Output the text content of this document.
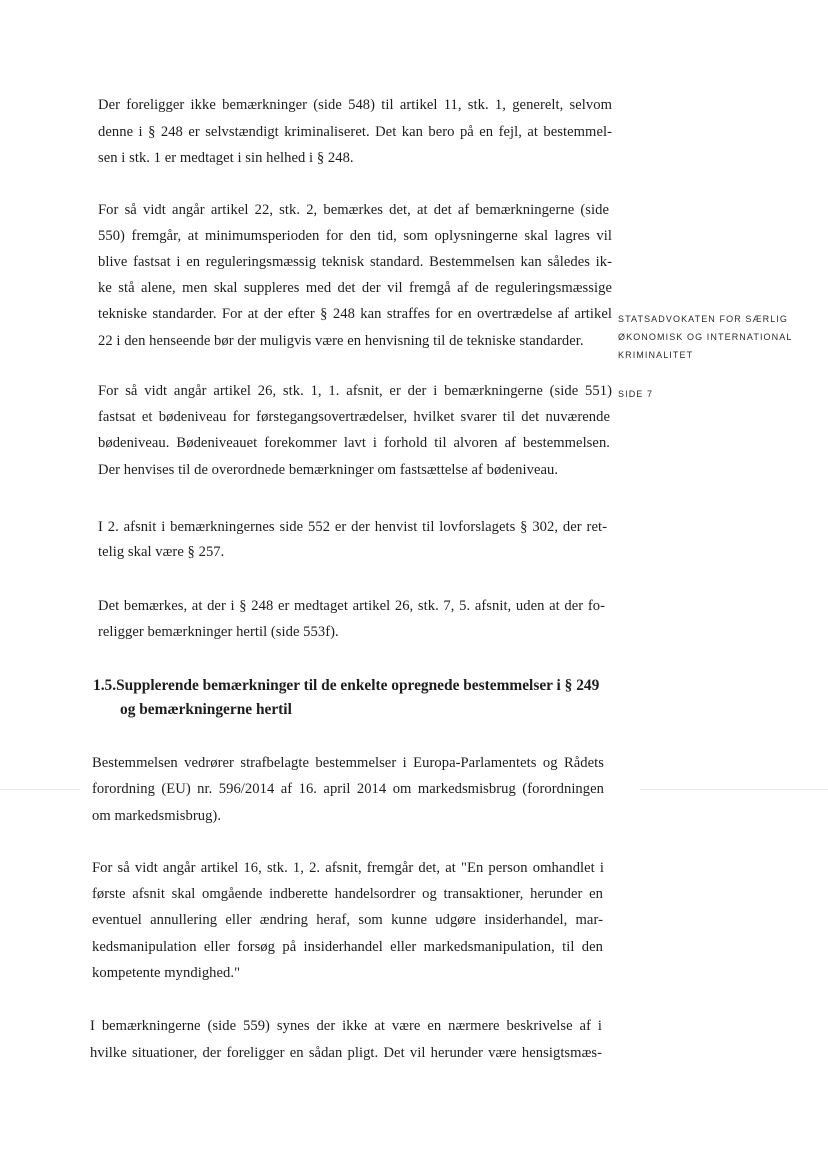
Der foreligger ikke bemærkninger (side 548) til artikel 11, stk. 1, generelt, selvom
denne i § 248 er selvstændigt kriminaliseret. Det kan bero på en fejl, at bestemmel-
sen i stk. 1 er medtaget i sin helhed i § 248.
For så vidt angår artikel 22, stk. 2, bemærkes det, at det af bemærkningerne (side
550) fremgår, at minimumsperioden for den tid, som oplysningerne skal lagres vil
blive fastsat i en reguleringsmæssig teknisk standard. Bestemmelsen kan således ik-
ke stå alene, men skal suppleres med det der vil fremgå af de reguleringsmæssige
tekniske standarder. For at der efter § 248 kan straffes for en overtrædelse af artikel
22 i den henseende bør der muligvis være en henvisning til de tekniske standarder.
For så vidt angår artikel 26, stk. 1, 1. afsnit, er der i bemærkningerne (side 551)
fastsat et bødeniveau for førstegangsovertrædelser, hvilket svarer til det nuværende
bødeniveau. Bødeniveauet forekommer lavt i forhold til alvoren af bestemmelsen.
Der henvises til de overordnede bemærkninger om fastsættelse af bødeniveau.
I 2. afsnit i bemærkningernes side 552 er der henvist til lovforslagets § 302, der ret-
telig skal være § 257.
Det bemærkes, at der i § 248 er medtaget artikel 26, stk. 7, 5. afsnit, uden at der fo-
religger bemærkninger hertil (side 553f).
1.5.Supplerende bemærkninger til de enkelte opregnede bestemmelser i § 249
og bemærkningerne hertil
Bestemmelsen vedrører strafbelagte bestemmelser i Europa-Parlamentets og Rådets
forordning (EU) nr. 596/2014 af 16. april 2014 om markedsmisbrug (forordningen
om markedsmisbrug).
For så vidt angår artikel 16, stk. 1, 2. afsnit, fremgår det, at "En person omhandlet i
første afsnit skal omgående indberette handelsordrer og transaktioner, herunder en
eventuel annullering eller ændring heraf, som kunne udgøre insiderhandel, mar-
kedsmanipulation eller forsøg på insiderhandel eller markedsmanipulation, til den
kompetente myndighed."
I bemærkningerne (side 559) synes der ikke at være en nærmere beskrivelse af i
hvilke situationer, der foreligger en sådan pligt. Det vil herunder være hensigtsmæs-
STATSADVOKATEN FOR SÆRLIG
ØKONOMISK OG INTERNATIONAL
KRIMINALITET
SIDE 7
